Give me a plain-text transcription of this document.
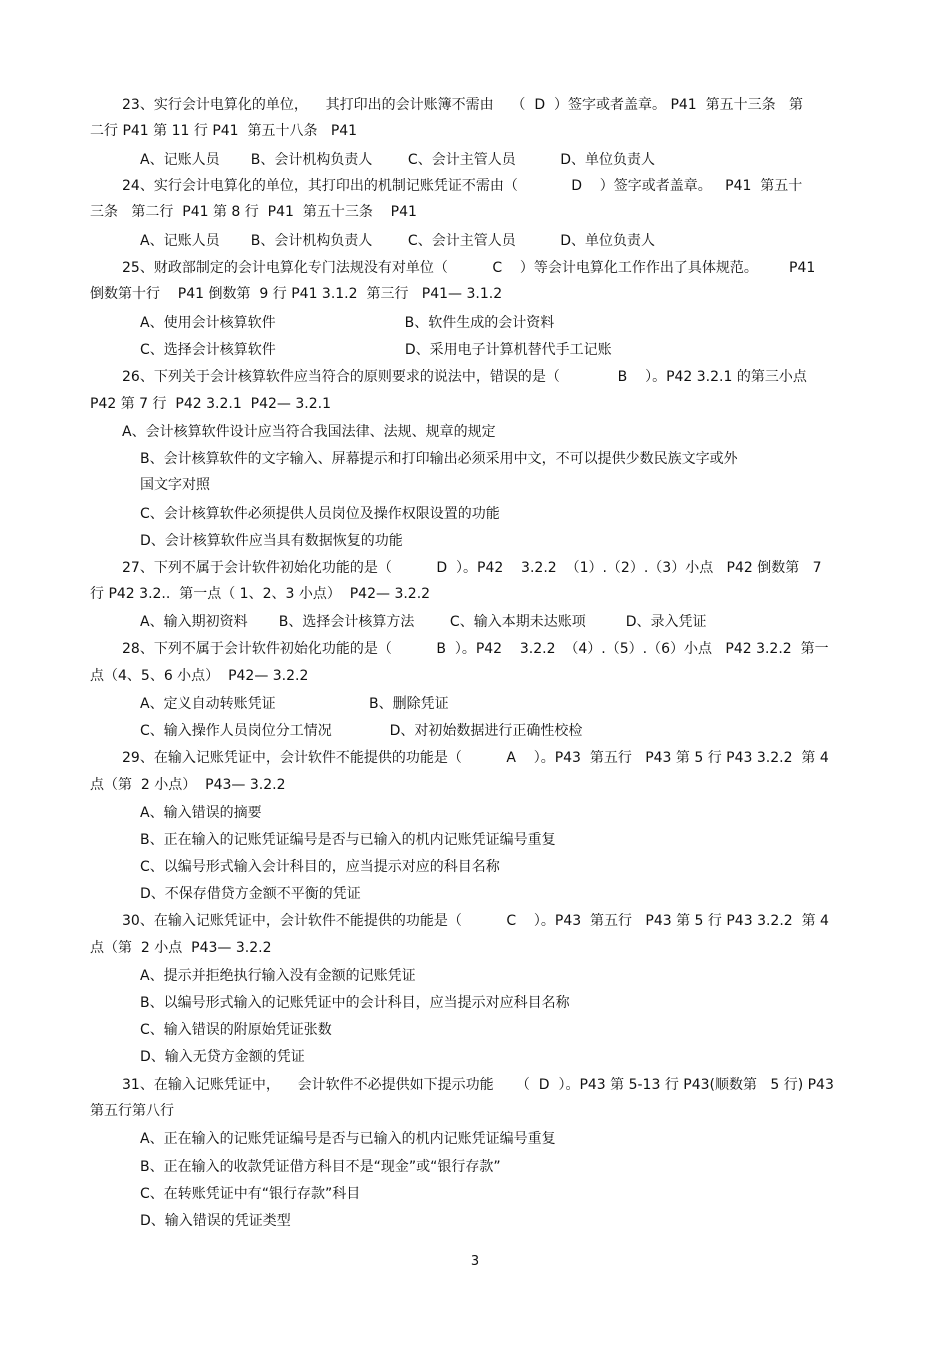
23、实行会计电算化的单位，    其打印出的会计账簿不需由    （  D  ）签字或者盖章。 P41  第五十三条   第
二行 P41 第 11 行 P41  第五十八条   P41
A、记账人员       B、会计机构负责人        C、会计主管人员          D、单位负责人
24、实行会计电算化的单位，其打印出的机制记账凭证不需由（            D    ）签字或者盖章。   P41  第五十
三条   第二行  P41 第 8 行  P41  第五十三条    P41
A、记账人员       B、会计机构负责人        C、会计主管人员          D、单位负责人
25、财政部制定的会计电算化专门法规没有对单位（          C    ）等会计电算化工作作出了具体规范。       P41
倒数第十行    P41 倒数第  9 行 P41 3.1.2  第三行   P41— 3.1.2
A、使用会计核算软件                             B、软件生成的会计资料
C、选择会计核算软件                             D、采用电子计算机替代手工记账
26、下列关于会计核算软件应当符合的原则要求的说法中，错误的是（             B    ）。P42 3.2.1 的第三小点
P42 第 7 行  P42 3.2.1  P42— 3.2.1
A、会计核算软件设计应当符合我国法律、法规、规章的规定
B、会计核算软件的文字输入、屏幕提示和打印输出必须采用中文，不可以提供少数民族文字或外
国文字对照
C、会计核算软件必须提供人员岗位及操作权限设置的功能
D、会计核算软件应当具有数据恢复的功能
27、下列不属于会计软件初始化功能的是（          D  ）。P42    3.2.2  （1）.（2）.（3）小点   P42 倒数第   7
行 P42 3.2..  第一点（ 1、2、3 小点）  P42— 3.2.2
A、输入期初资料       B、选择会计核算方法        C、输入本期未达账项         D、录入凭证
28、下列不属于会计软件初始化功能的是（          B  ）。P42    3.2.2  （4）.（5）.（6）小点   P42 3.2.2  第一
点（4、5、6 小点）  P42— 3.2.2
A、定义自动转账凭证                     B、删除凭证
C、输入操作人员岗位分工情况             D、对初始数据进行正确性校检
29、在输入记账凭证中，会计软件不能提供的功能是（          A    ）。P43  第五行   P43 第 5 行 P43 3.2.2  第 4
点（第  2 小点）  P43— 3.2.2
A、输入错误的摘要
B、正在输入的记账凭证编号是否与已输入的机内记账凭证编号重复
C、以编号形式输入会计科目的，应当提示对应的科目名称
D、不保存借贷方金额不平衡的凭证
30、在输入记账凭证中，会计软件不能提供的功能是（          C    ）。P43  第五行   P43 第 5 行 P43 3.2.2  第 4
点（第  2 小点  P43— 3.2.2
A、提示并拒绝执行输入没有金额的记账凭证
B、以编号形式输入的记账凭证中的会计科目，应当提示对应科目名称
C、输入错误的附原始凭证张数
D、输入无贷方金额的凭证
31、在输入记账凭证中，    会计软件不必提供如下提示功能     （  D  ）。P43 第 5-13 行 P43(顺数第   5 行) P43
第五行第八行
A、正在输入的记账凭证编号是否与已输入的机内记账凭证编号重复
B、正在输入的收款凭证借方科目不是“现金”或“银行存款”
C、在转账凭证中有“银行存款”科目
D、输入错误的凭证类型
3
